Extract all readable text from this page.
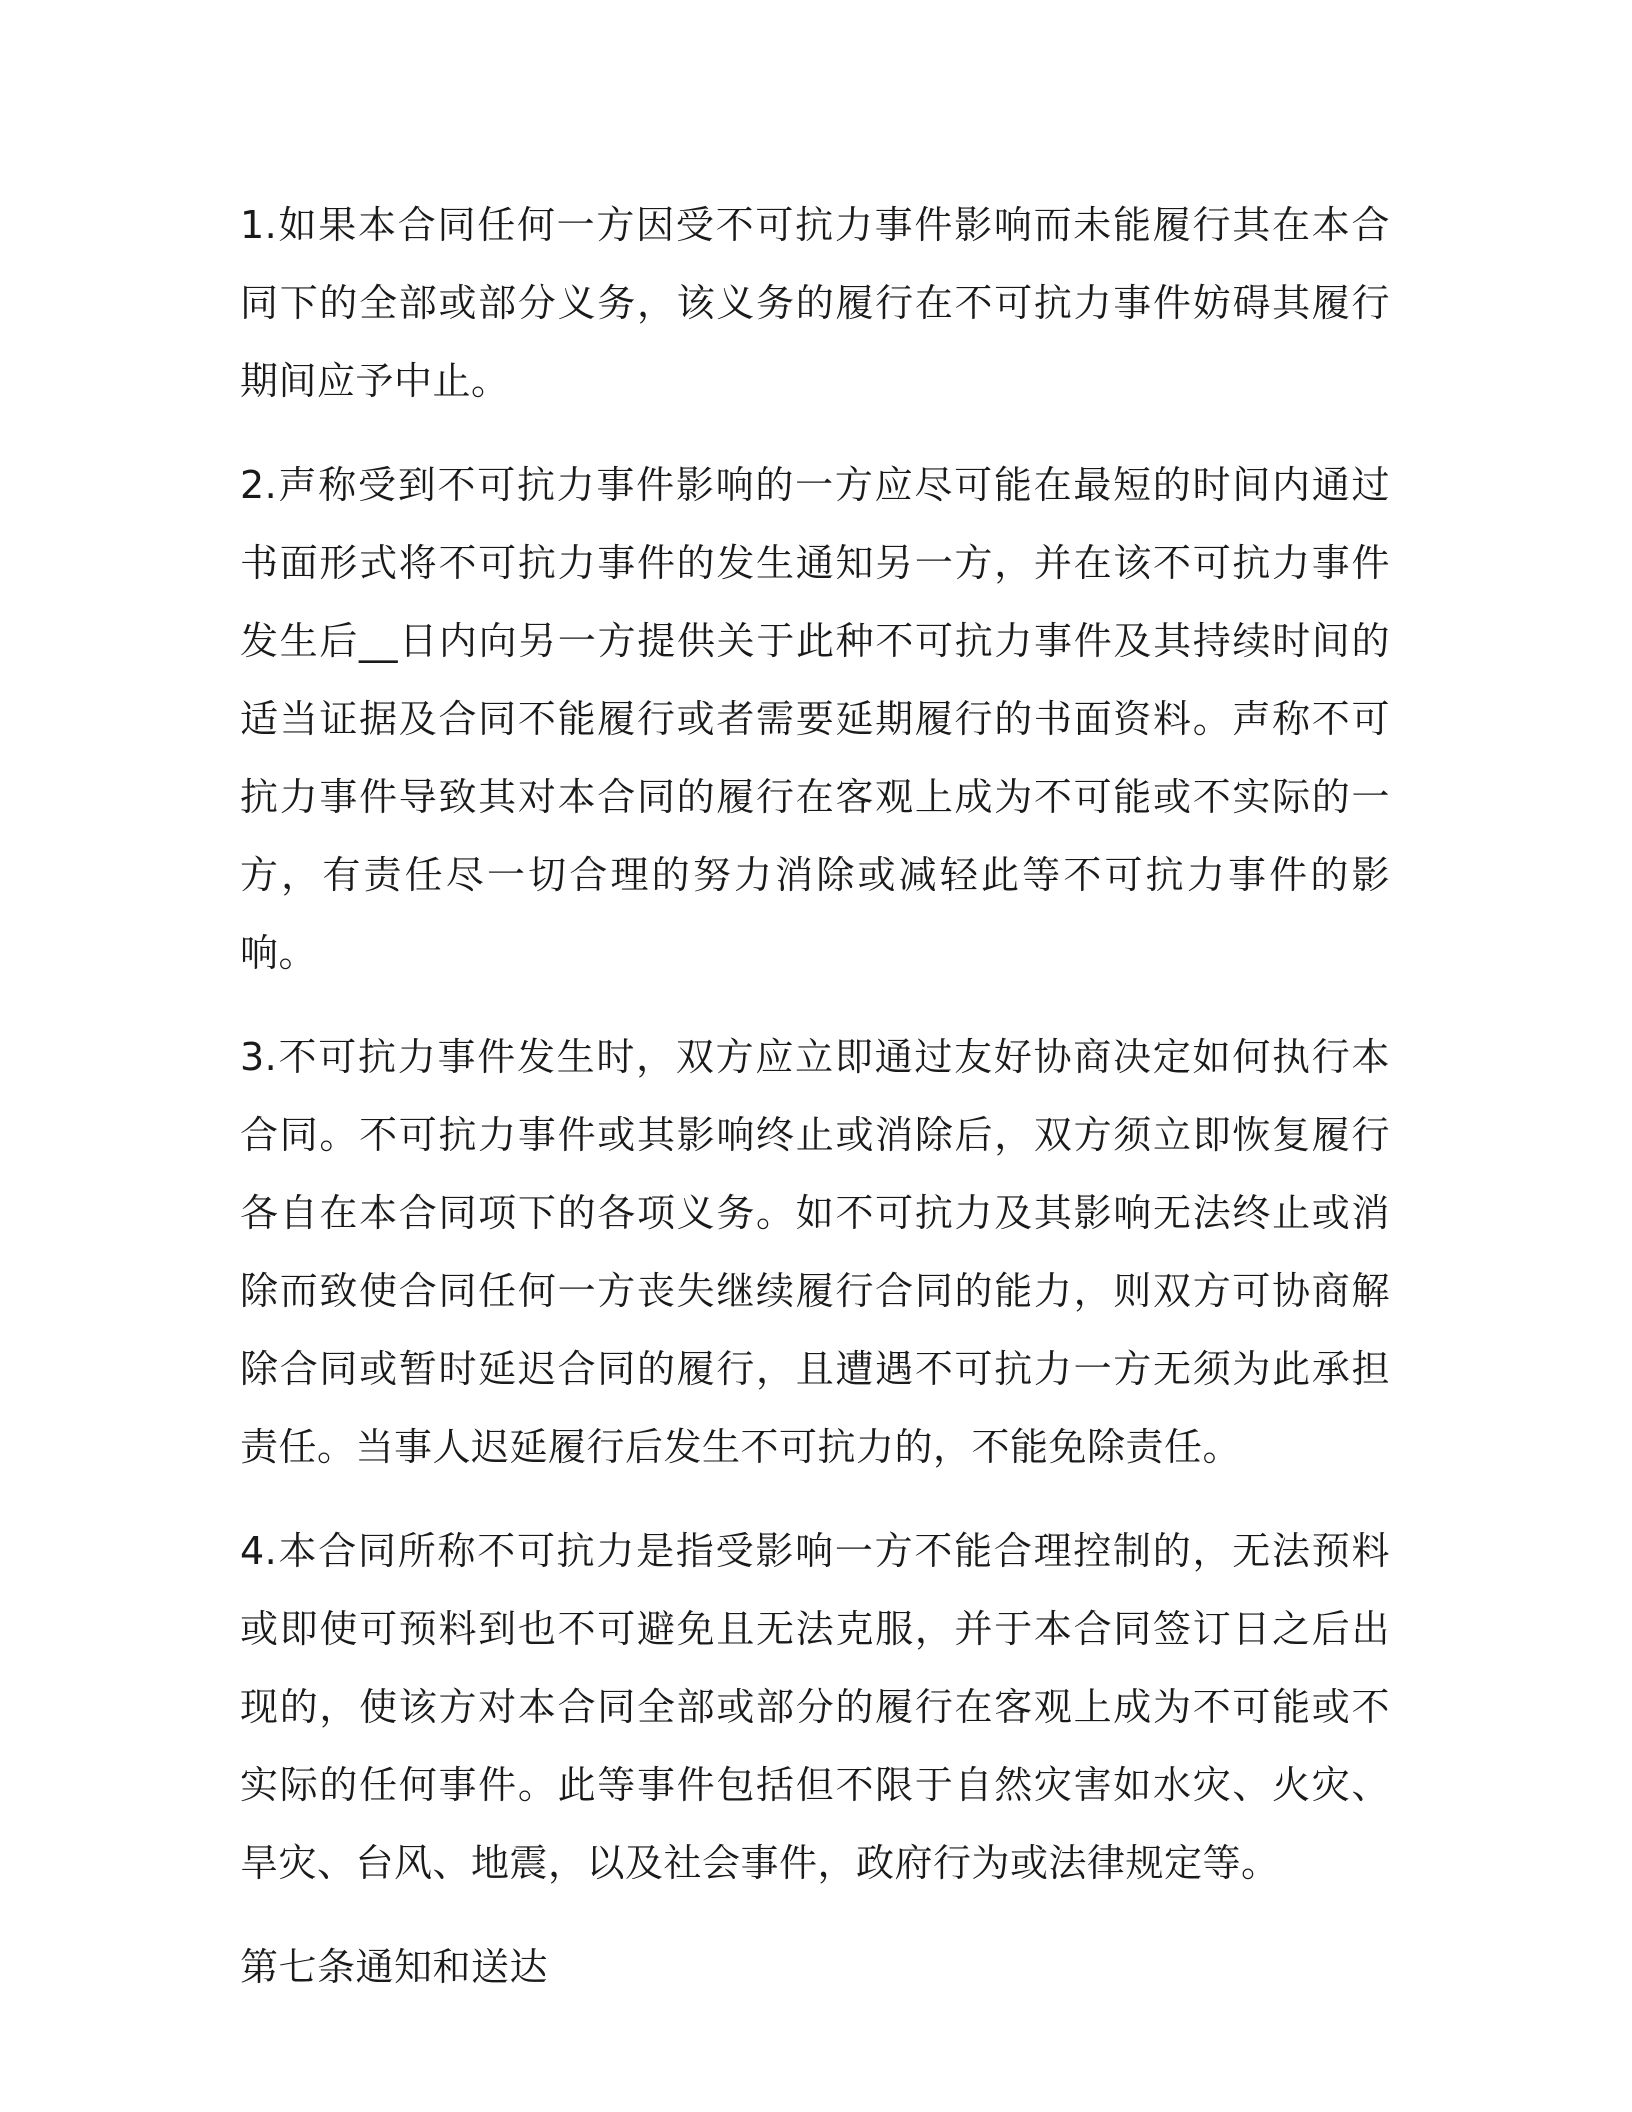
1.如果本合同任何一方因受不可抗力事件影响而未能履行其在本合同下的全部或部分义务，该义务的履行在不可抗力事件妨碍其履行期间应予中止。

2.声称受到不可抗力事件影响的一方应尽可能在最短的时间内通过书面形式将不可抗力事件的发生通知另一方，并在该不可抗力事件发生后__日内向另一方提供关于此种不可抗力事件及其持续时间的适当证据及合同不能履行或者需要延期履行的书面资料。声称不可抗力事件导致其对本合同的履行在客观上成为不可能或不实际的一方，有责任尽一切合理的努力消除或减轻此等不可抗力事件的影响。

3.不可抗力事件发生时，双方应立即通过友好协商决定如何执行本合同。不可抗力事件或其影响终止或消除后，双方须立即恢复履行各自在本合同项下的各项义务。如不可抗力及其影响无法终止或消除而致使合同任何一方丧失继续履行合同的能力，则双方可协商解除合同或暂时延迟合同的履行，且遭遇不可抗力一方无须为此承担责任。当事人迟延履行后发生不可抗力的，不能免除责任。

4.本合同所称不可抗力是指受影响一方不能合理控制的，无法预料或即使可预料到也不可避免且无法克服，并于本合同签订日之后出现的，使该方对本合同全部或部分的履行在客观上成为不可能或不实际的任何事件。此等事件包括但不限于自然灾害如水灾、火灾、旱灾、台风、地震，以及社会事件，政府行为或法律规定等。

第七条通知和送达
